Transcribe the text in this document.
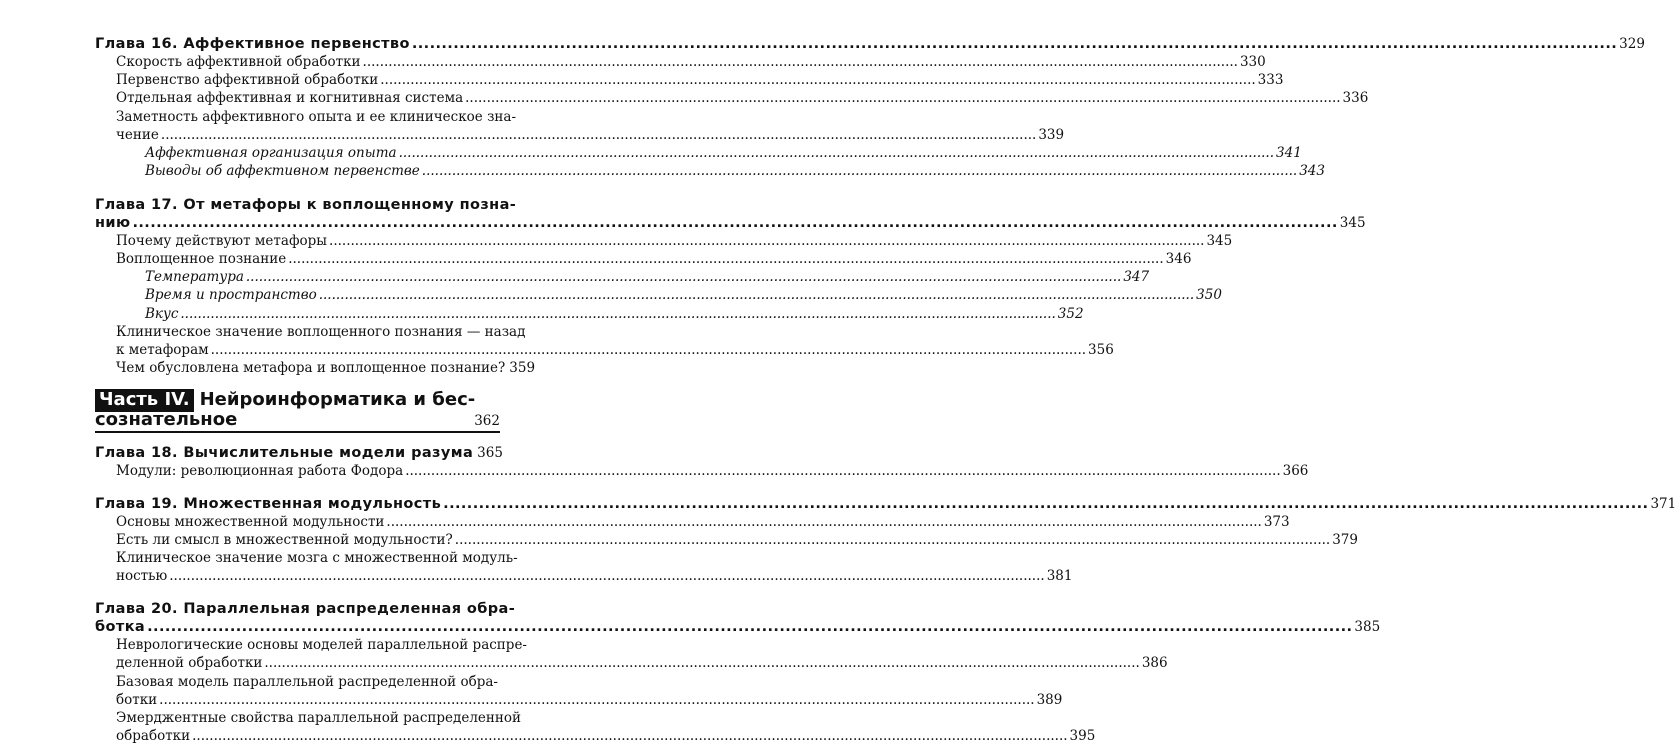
Глава 16. Аффективное первенство .....	329
Скорость аффективной обработки .....	330
Первенство аффективной обработки .....	333
Отдельная аффективная и когнитивная система .....	336
Заметность аффективного опыта и ее клиническое зна-
чение .....	339
Аффективная организация опыта .....	341
Выводы об аффективном первенстве .....	343
Глава 17. От метафоры к воплощенному позна-
нию .....	345
Почему действуют метафоры .....	345
Воплощенное познание .....	346
Температура .....	347
Время и пространство .....	350
Вкус .....	352
Клиническое значение воплощенного познания — назад
к метафорам .....	356
Чем обусловлена метафора и воплощенное познание? 359
Часть IV. Нейроинформатика и бес-
сознательное	362
Глава 18. Вычислительные модели разума 365
Модули: революционная работа Фодора .....	366
Глава 19. Множественная модульность .....	371
Основы множественной модульности .....	373
Есть ли смысл в множественной модульности? .....	379
Клиническое значение мозга с множественной модуль-
ностью .....	381
Глава 20. Параллельная распределенная обра-
ботка .....	385
Неврологические основы моделей параллельной распре-
деленной обработки .....	386
Базовая модель параллельной распределенной обра-
ботки .....	389
Эмерджентные свойства параллельной распределенной
обработки .....	395
